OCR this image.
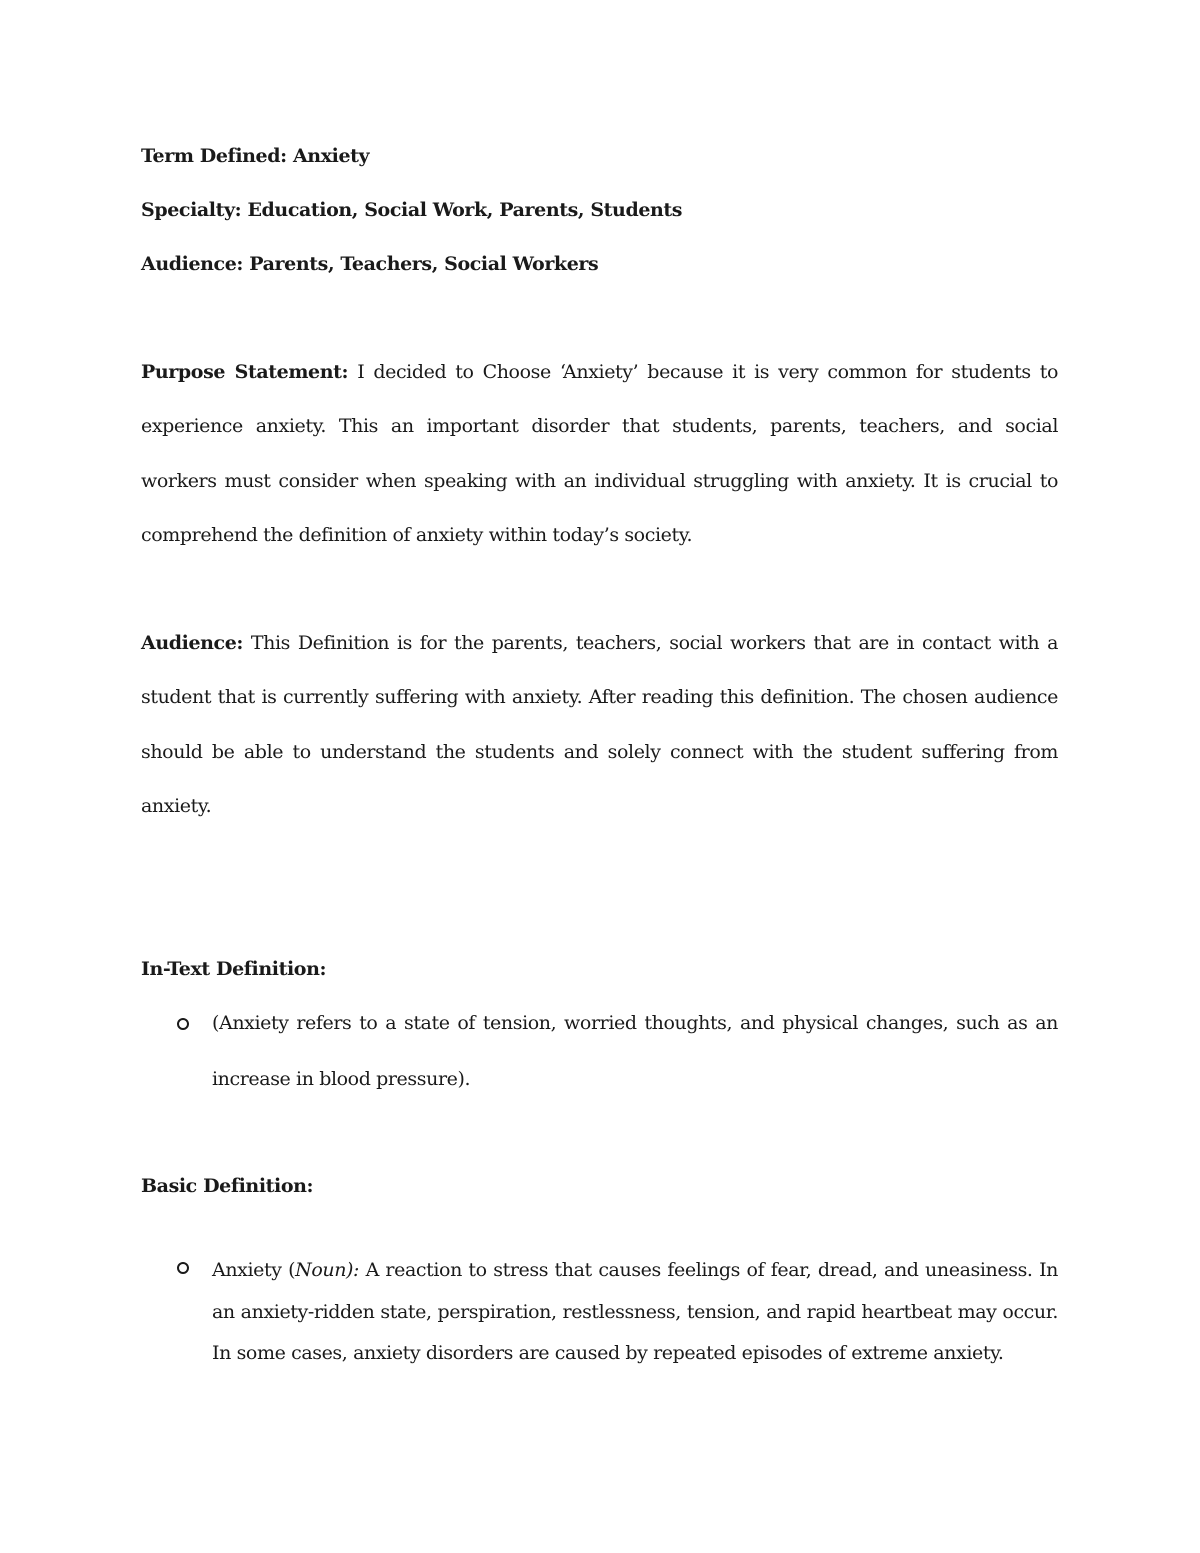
Term Defined: Anxiety
Specialty: Education, Social Work, Parents, Students
Audience: Parents, Teachers, Social Workers
Purpose Statement: I decided to Choose ‘Anxiety’ because it is very common for students to experience anxiety. This an important disorder that students, parents, teachers, and social workers must consider when speaking with an individual struggling with anxiety. It is crucial to comprehend the definition of anxiety within today’s society.
Audience: This Definition is for the parents, teachers, social workers that are in contact with a student that is currently suffering with anxiety. After reading this definition. The chosen audience should be able to understand the students and solely connect with the student suffering from anxiety.
In-Text Definition:
(Anxiety refers to a state of tension, worried thoughts, and physical changes, such as an increase in blood pressure).
Basic Definition:
Anxiety (Noun): A reaction to stress that causes feelings of fear, dread, and uneasiness. In an anxiety-ridden state, perspiration, restlessness, tension, and rapid heartbeat may occur. In some cases, anxiety disorders are caused by repeated episodes of extreme anxiety.
